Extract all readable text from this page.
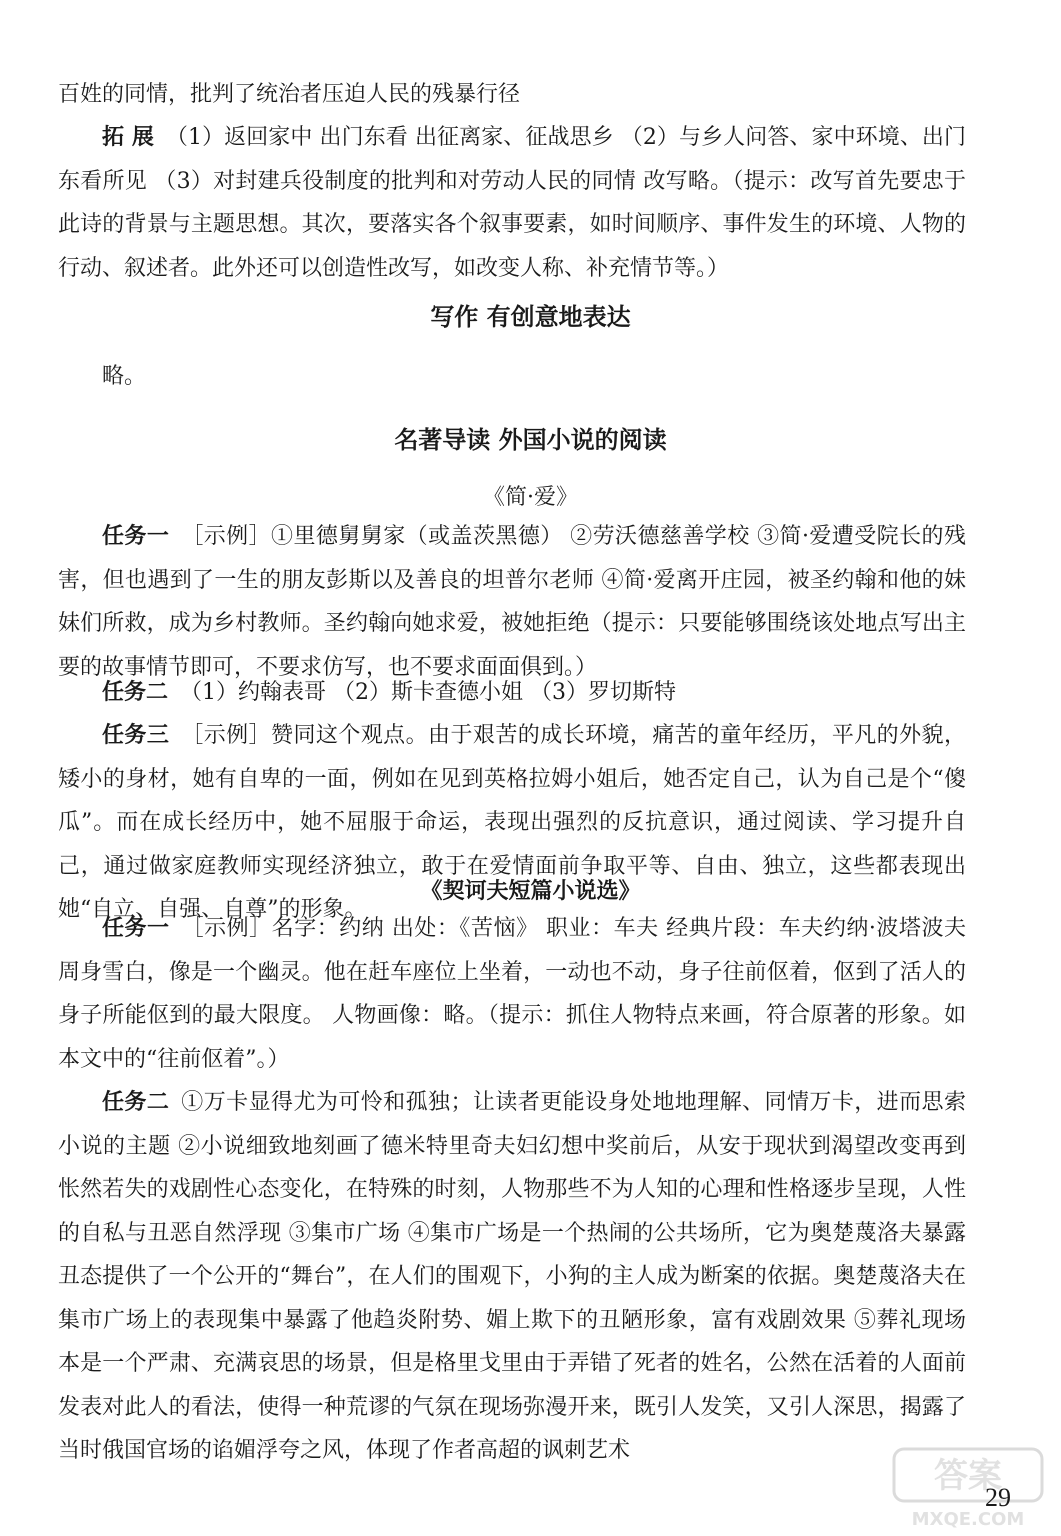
百姓的同情，批判了统治者压迫人民的残暴行径

拓 展 （1）返回家中 出门东看 出征离家、征战思乡 （2）与乡人问答、家中环境、出门东看所见 （3）对封建兵役制度的批判和对劳动人民的同情 改写略。（提示：改写首先要忠于此诗的背景与主题思想。其次，要落实各个叙事要素，如时间顺序、事件发生的环境、人物的行动、叙述者。此外还可以创造性改写，如改变人称、补充情节等。）

写作 有创意地表达

略。

名著导读 外国小说的阅读

《简·爱》

任务一 ［示例］①里德舅舅家（或盖茨黑德） ②劳沃德慈善学校 ③简·爱遭受院长的残害，但也遇到了一生的朋友彭斯以及善良的坦普尔老师 ④简·爱离开庄园，被圣约翰和他的妹妹们所救，成为乡村教师。圣约翰向她求爱，被她拒绝（提示：只要能够围绕该处地点写出主要的故事情节即可，不要求仿写，也不要求面面俱到。）

任务二 （1）约翰表哥 （2）斯卡查德小姐 （3）罗切斯特

任务三 ［示例］赞同这个观点。由于艰苦的成长环境，痛苦的童年经历，平凡的外貌，矮小的身材，她有自卑的一面，例如在见到英格拉姆小姐后，她否定自己，认为自己是个“傻瓜”。而在成长经历中，她不屈服于命运，表现出强烈的反抗意识，通过阅读、学习提升自己，通过做家庭教师实现经济独立，敢于在爱情面前争取平等、自由、独立，这些都表现出她“自立、自强、自尊”的形象。

《契诃夫短篇小说选》

任务一 ［示例］名字：约纳 出处：《苦恼》 职业：车夫 经典片段：车夫约纳·波塔波夫周身雪白，像是一个幽灵。他在赶车座位上坐着，一动也不动，身子往前伛着，伛到了活人的身子所能伛到的最大限度。 人物画像：略。（提示：抓住人物特点来画，符合原著的形象。如本文中的“往前伛着”。）

任务二 ①万卡显得尤为可怜和孤独；让读者更能设身处地地理解、同情万卡，进而思索小说的主题 ②小说细致地刻画了德米特里奇夫妇幻想中奖前后，从安于现状到渴望改变再到怅然若失的戏剧性心态变化，在特殊的时刻，人物那些不为人知的心理和性格逐步呈现，人性的自私与丑恶自然浮现 ③集市广场 ④集市广场是一个热闹的公共场所，它为奥楚蔑洛夫暴露丑态提供了一个公开的“舞台”，在人们的围观下，小狗的主人成为断案的依据。奥楚蔑洛夫在集市广场上的表现集中暴露了他趋炎附势、媚上欺下的丑陋形象，富有戏剧效果 ⑤葬礼现场本是一个严肃、充满哀思的场景，但是格里戈里由于弄错了死者的姓名，公然在活着的人面前发表对此人的看法，使得一种荒谬的气氛在现场弥漫开来，既引人发笑，又引人深思，揭露了当时俄国官场的谄媚浮夸之风，体现了作者高超的讽刺艺术

答案
MXQE.COM
29
